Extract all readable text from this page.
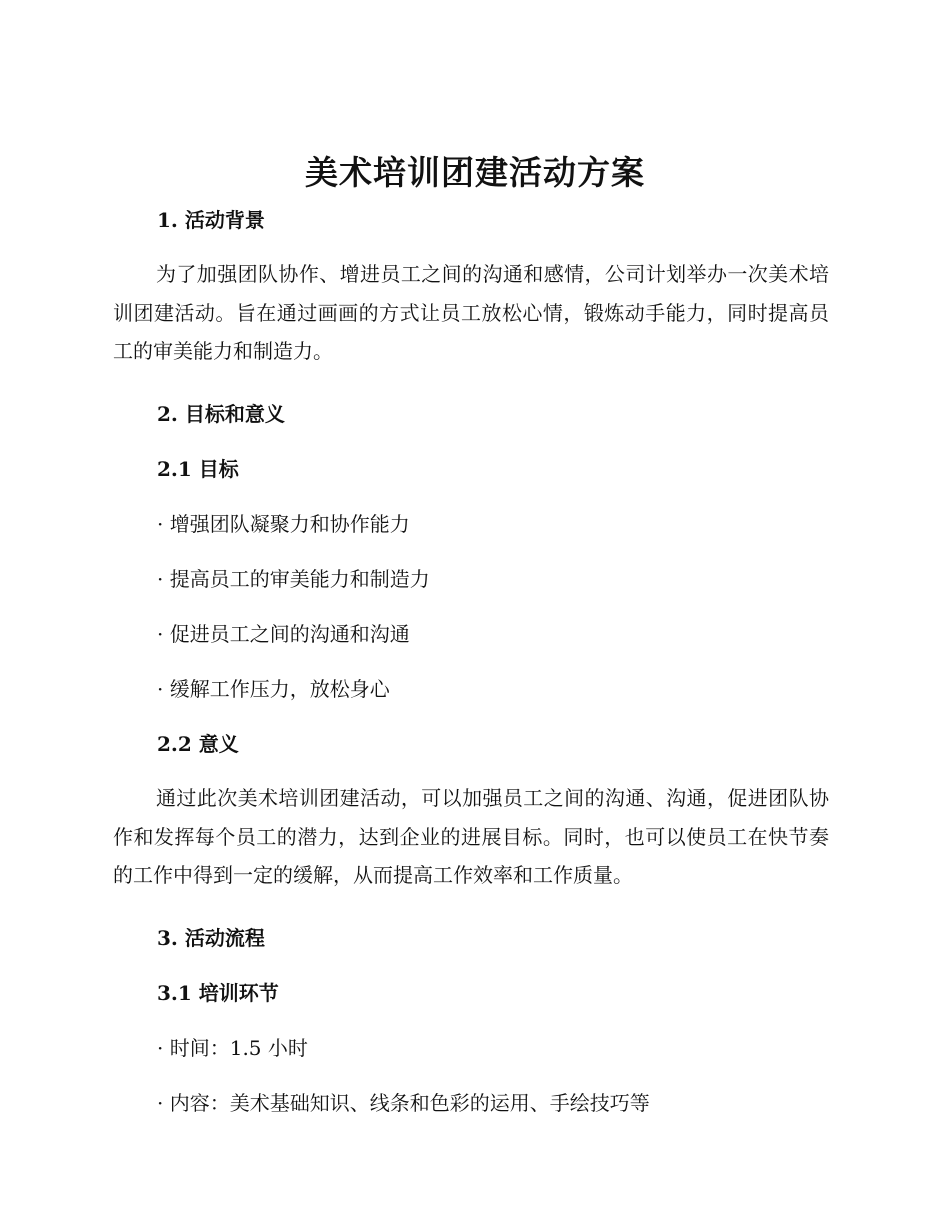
美术培训团建活动方案
1. 活动背景

为了加强团队协作、增进员工之间的沟通和感情，公司计划举办一次美术培训团建活动。旨在通过画画的方式让员工放松心情，锻炼动手能力，同时提高员工的审美能力和制造力。

2. 目标和意义
2.1 目标

· 增强团队凝聚力和协作能力

· 提高员工的审美能力和制造力

· 促进员工之间的沟通和沟通

· 缓解工作压力，放松身心

2.2 意义

通过此次美术培训团建活动，可以加强员工之间的沟通、沟通，促进团队协作和发挥每个员工的潜力，达到企业的进展目标。同时，也可以使员工在快节奏的工作中得到一定的缓解，从而提高工作效率和工作质量。

3. 活动流程
3.1 培训环节

· 时间：1.5 小时

· 内容：美术基础知识、线条和色彩的运用、手绘技巧等
